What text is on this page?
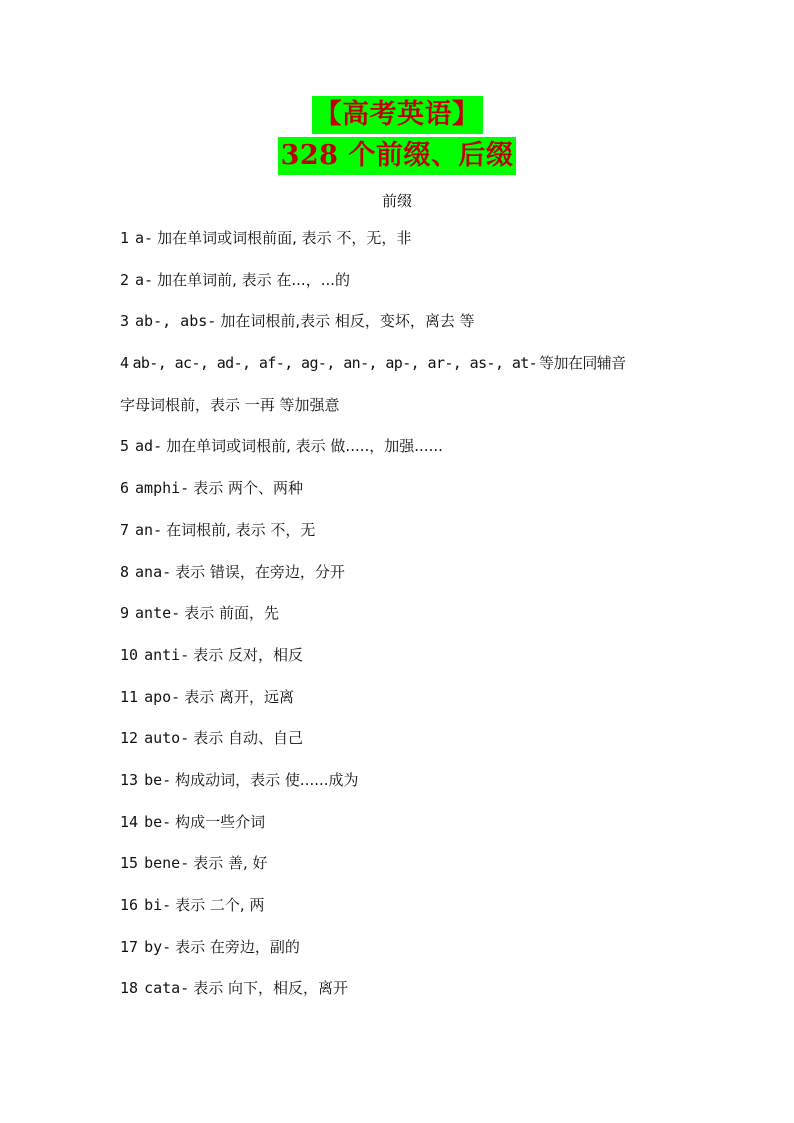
【高考英语】
328 个前缀、后缀
前缀
1 a- 加在单词或词根前面, 表示 不，无，非
2 a- 加在单词前, 表示 在...，...的
3 ab-, abs- 加在词根前,表示 相反，变坏，离去 等
4 ab-, ac-, ad-, af-, ag-, an-, ap-, ar-, as-, at- 等加在同辅音
字母词根前，表示 一再 等加强意
5 ad- 加在单词或词根前, 表示 做.....，加强......
6 amphi- 表示 两个、两种
7 an- 在词根前, 表示 不，无
8 ana- 表示 错误，在旁边，分开
9 ante- 表示 前面，先
10 anti- 表示 反对，相反
11 apo- 表示 离开，远离
12 auto- 表示 自动、自己
13 be- 构成动词，表示 使......成为
14 be- 构成一些介词
15 bene- 表示 善, 好
16 bi- 表示 二个, 两
17 by- 表示 在旁边，副的
18 cata- 表示 向下，相反，离开
